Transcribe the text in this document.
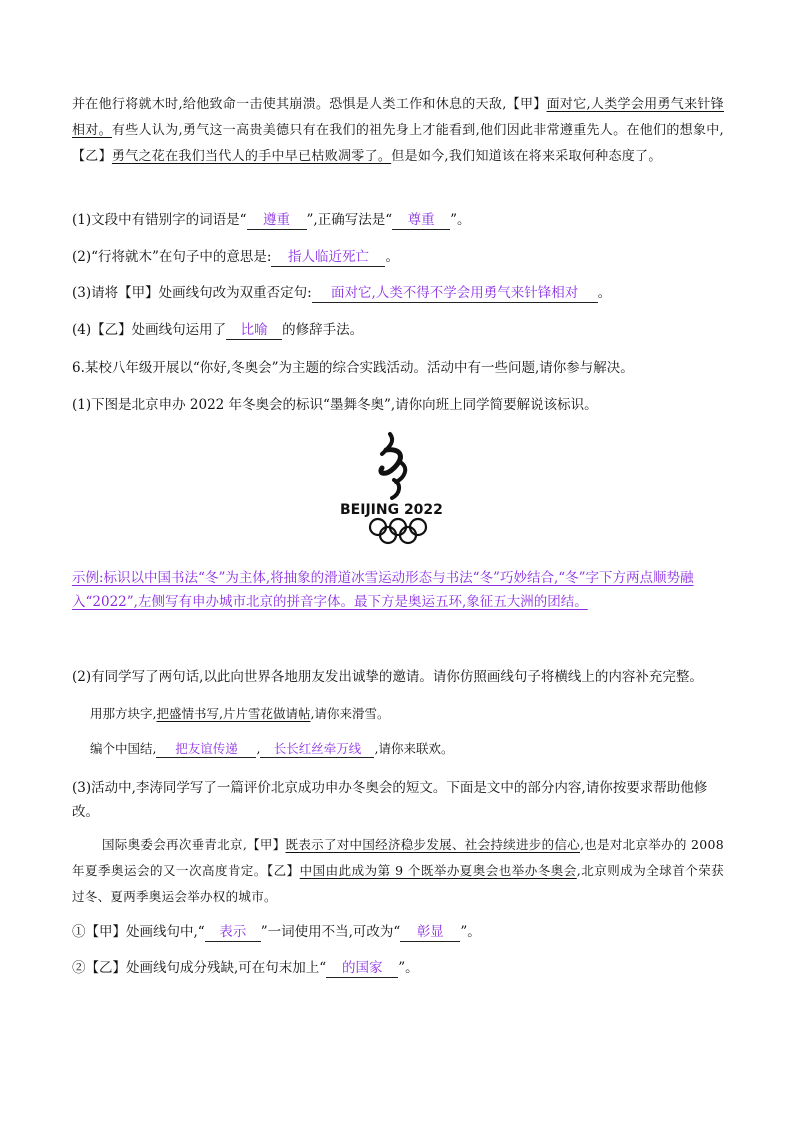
并在他行将就木时,给他致命一击使其崩溃。恐惧是人类工作和休息的天敌,【甲】面对它,人类学会用勇气来针锋相对。有些人认为,勇气这一高贵美德只有在我们的祖先身上才能看到,他们因此非常遵重先人。在他们的想象中,【乙】勇气之花在我们当代人的手中早已枯败凋零了。但是如今,我们知道该在将来采取何种态度了。

(1)文段中有错别字的词语是“ 遵重 ”,正确写法是“ 尊重 ”。

(2)“行将就木”在句子中的意思是: 指人临近死亡 。

(3)请将【甲】处画线句改为双重否定句: 面对它,人类不得不学会用勇气来针锋相对 。

(4)【乙】处画线句运用了 比喻 的修辞手法。

6.某校八年级开展以“你好,冬奥会”为主题的综合实践活动。活动中有一些问题,请你参与解决。

(1)下图是北京申办 2022 年冬奥会的标识“墨舞冬奥”,请你向班上同学简要解说该标识。

BEIJING 2022

示例:标识以中国书法“冬”为主体,将抽象的滑道冰雪运动形态与书法“冬”巧妙结合,“冬”字下方两点顺势融入“2022”,左侧写有申办城市北京的拼音字体。最下方是奥运五环,象征五大洲的团结。

(2)有同学写了两句话,以此向世界各地朋友发出诚挚的邀请。请你仿照画线句子将横线上的内容补充完整。

用那方块字,把盛情书写,片片雪花做请帖,请你来滑雪。

编个中国结, 把友谊传递 , 长长红丝牵万线 ,请你来联欢。

(3)活动中,李涛同学写了一篇评价北京成功申办冬奥会的短文。下面是文中的部分内容,请你按要求帮助他修改。

国际奥委会再次垂青北京,【甲】既表示了对中国经济稳步发展、社会持续进步的信心,也是对北京举办的 2008 年夏季奥运会的又一次高度肯定。【乙】中国由此成为第 9 个既举办夏奥会也举办冬奥会,北京则成为全球首个荣获过冬、夏两季奥运会举办权的城市。

①【甲】处画线句中,“ 表示 ”一词使用不当,可改为“ 彰显 ”。

②【乙】处画线句成分残缺,可在句末加上“ 的国家 ”。
